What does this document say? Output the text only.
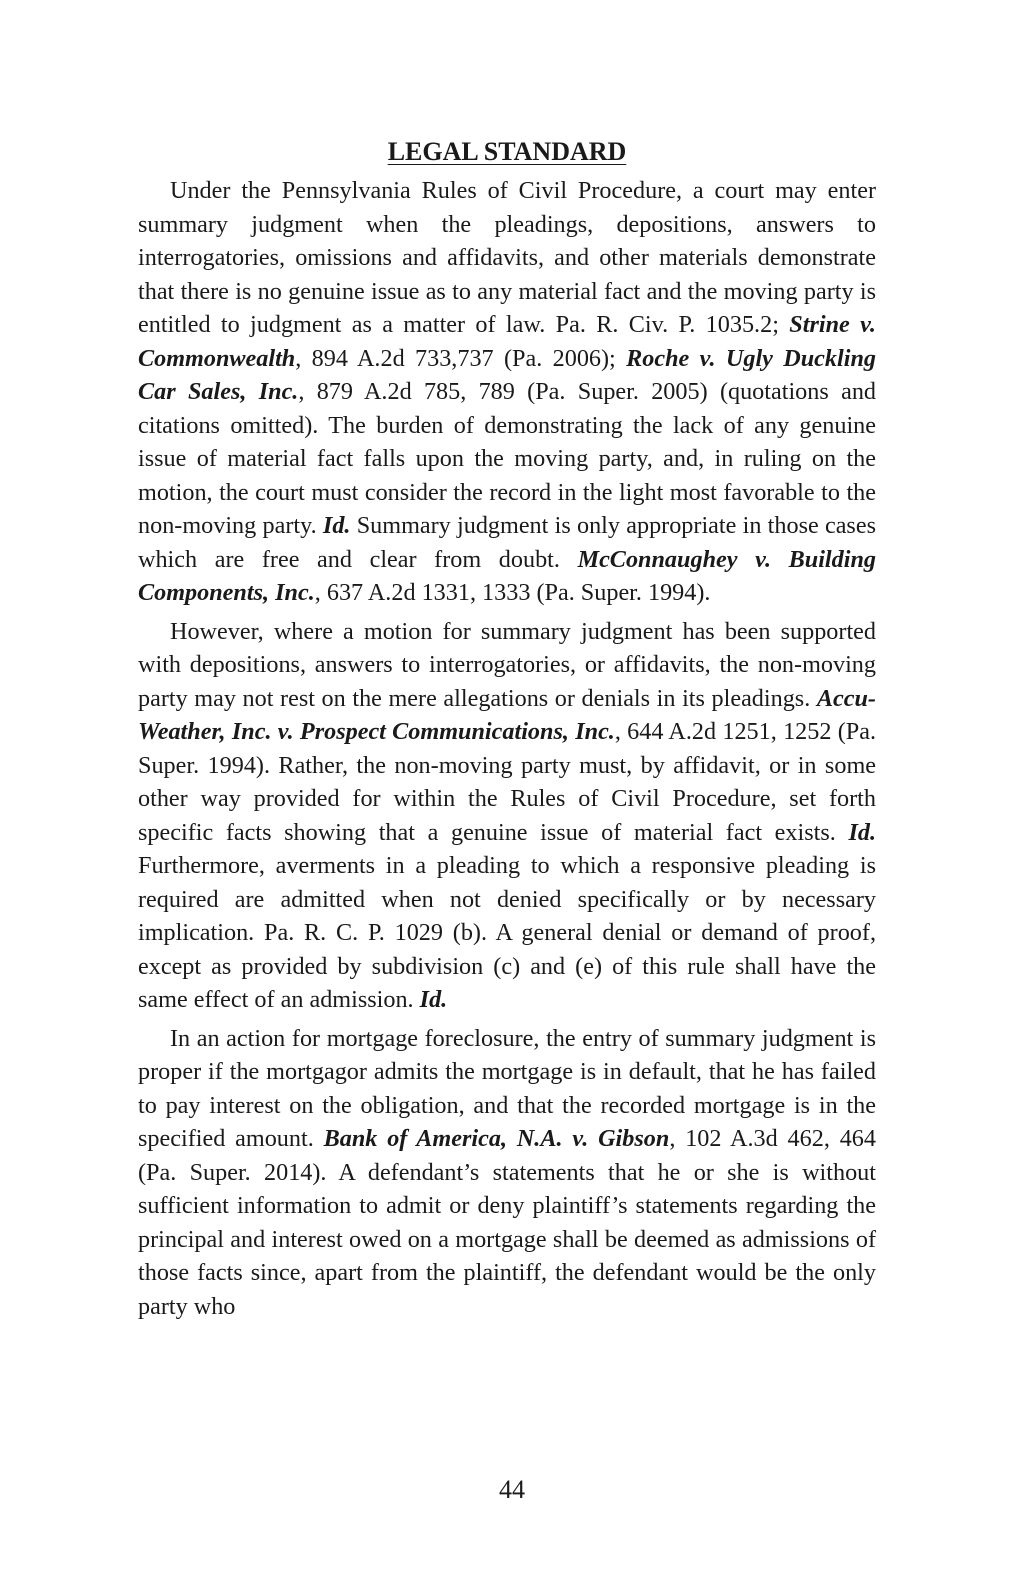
LEGAL STANDARD

Under the Pennsylvania Rules of Civil Procedure, a court may enter summary judgment when the pleadings, depositions, answers to interrogatories, omissions and affidavits, and other materials demonstrate that there is no genuine issue as to any material fact and the moving party is entitled to judgment as a matter of law. Pa. R. Civ. P. 1035.2; Strine v. Commonwealth, 894 A.2d 733,737 (Pa. 2006); Roche v. Ugly Duckling Car Sales, Inc., 879 A.2d 785, 789 (Pa. Super. 2005) (quotations and citations omitted). The burden of demonstrating the lack of any genuine issue of material fact falls upon the moving party, and, in ruling on the motion, the court must consider the record in the light most favorable to the non-moving party. Id. Summary judgment is only appropriate in those cases which are free and clear from doubt. McConnaughey v. Building Components, Inc., 637 A.2d 1331, 1333 (Pa. Super. 1994).

However, where a motion for summary judgment has been supported with depositions, answers to interrogatories, or affidavits, the non-moving party may not rest on the mere allegations or denials in its pleadings. Accu-Weather, Inc. v. Prospect Communications, Inc., 644 A.2d 1251, 1252 (Pa. Super. 1994). Rather, the non-moving party must, by affidavit, or in some other way provided for within the Rules of Civil Procedure, set forth specific facts showing that a genuine issue of material fact exists. Id. Furthermore, averments in a pleading to which a responsive pleading is required are admitted when not denied specifically or by necessary implication. Pa. R. C. P. 1029 (b). A general denial or demand of proof, except as provided by subdivision (c) and (e) of this rule shall have the same effect of an admission. Id.

In an action for mortgage foreclosure, the entry of summary judgment is proper if the mortgagor admits the mortgage is in default, that he has failed to pay interest on the obligation, and that the recorded mortgage is in the specified amount. Bank of America, N.A. v. Gibson, 102 A.3d 462, 464 (Pa. Super. 2014). A defendant’s statements that he or she is without sufficient information to admit or deny plaintiff’s statements regarding the principal and interest owed on a mortgage shall be deemed as admissions of those facts since, apart from the plaintiff, the defendant would be the only party who

44
